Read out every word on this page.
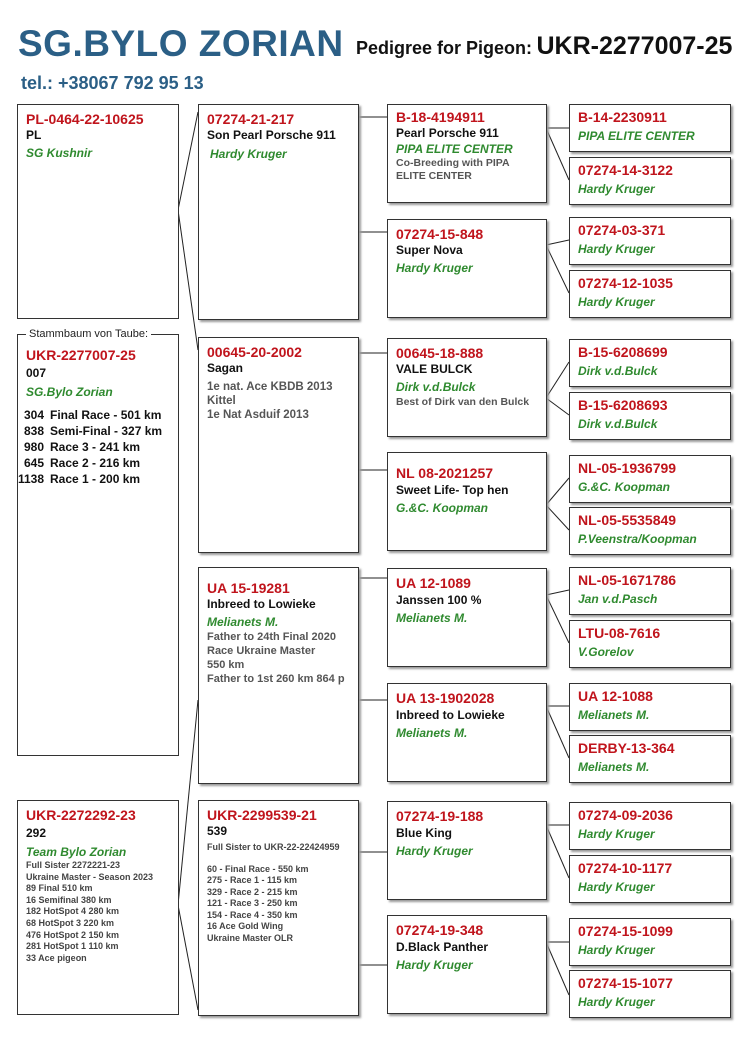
SG.BYLO ZORIAN
tel.: +38067 792 95 13
Pedigree for Pigeon: UKR-2277007-25
PL-0464-22-10625
PL
SG Kushnir
Stammbaum von Taube:
UKR-2277007-25
007
SG.Bylo Zorian
304 Final Race - 501 km
838 Semi-Final - 327 km
980 Race 3 - 241 km
645 Race 2 - 216 km
1138 Race 1 - 200 km
UKR-2272292-23
292
Team Bylo Zorian
Full Sister 2272221-23
Ukraine Master - Season 2023
89 Final 510 km
16 Semifinal 380 km
182 HotSpot 4 280 km
68 HotSpot 3 220 km
476 HotSpot 2 150 km
281 HotSpot 1 110 km
33 Ace pigeon
07274-21-217
Son Pearl Porsche 911
Hardy Kruger
00645-20-2002
Sagan
1e nat. Ace KBDB 2013
Kittel
1e Nat Asduif 2013
UA 15-19281
Inbreed to Lowieke
Melianets M.
Father to 24th Final 2020
Race Ukraine Master
550 km
Father to 1st 260 km 864 p
UKR-2299539-21
539
Full Sister to UKR-22-22424959
60 - Final Race - 550 km
275 - Race 1 - 115 km
329 - Race 2 - 215 km
121 - Race 3 - 250 km
154 - Race 4 - 350 km
16 Ace Gold Wing
Ukraine Master OLR
B-18-4194911
Pearl Porsche 911
PIPA ELITE CENTER
Co-Breeding with PIPA
ELITE CENTER
07274-15-848
Super Nova
Hardy Kruger
00645-18-888
VALE BULCK
Dirk v.d.Bulck
Best of Dirk van den Bulck
NL 08-2021257
Sweet Life- Top hen
G.&C. Koopman
UA 12-1089
Janssen 100 %
Melianets M.
UA 13-1902028
Inbreed to Lowieke
Melianets M.
07274-19-188
Blue King
Hardy Kruger
07274-19-348
D.Black Panther
Hardy Kruger
B-14-2230911
PIPA ELITE CENTER
07274-14-3122
Hardy Kruger
07274-03-371
Hardy Kruger
07274-12-1035
Hardy Kruger
B-15-6208699
Dirk v.d.Bulck
B-15-6208693
Dirk v.d.Bulck
NL-05-1936799
G.&C. Koopman
NL-05-5535849
P.Veenstra/Koopman
NL-05-1671786
Jan v.d.Pasch
LTU-08-7616
V.Gorelov
UA 12-1088
Melianets M.
DERBY-13-364
Melianets M.
07274-09-2036
Hardy Kruger
07274-10-1177
Hardy Kruger
07274-15-1099
Hardy Kruger
07274-15-1077
Hardy Kruger
